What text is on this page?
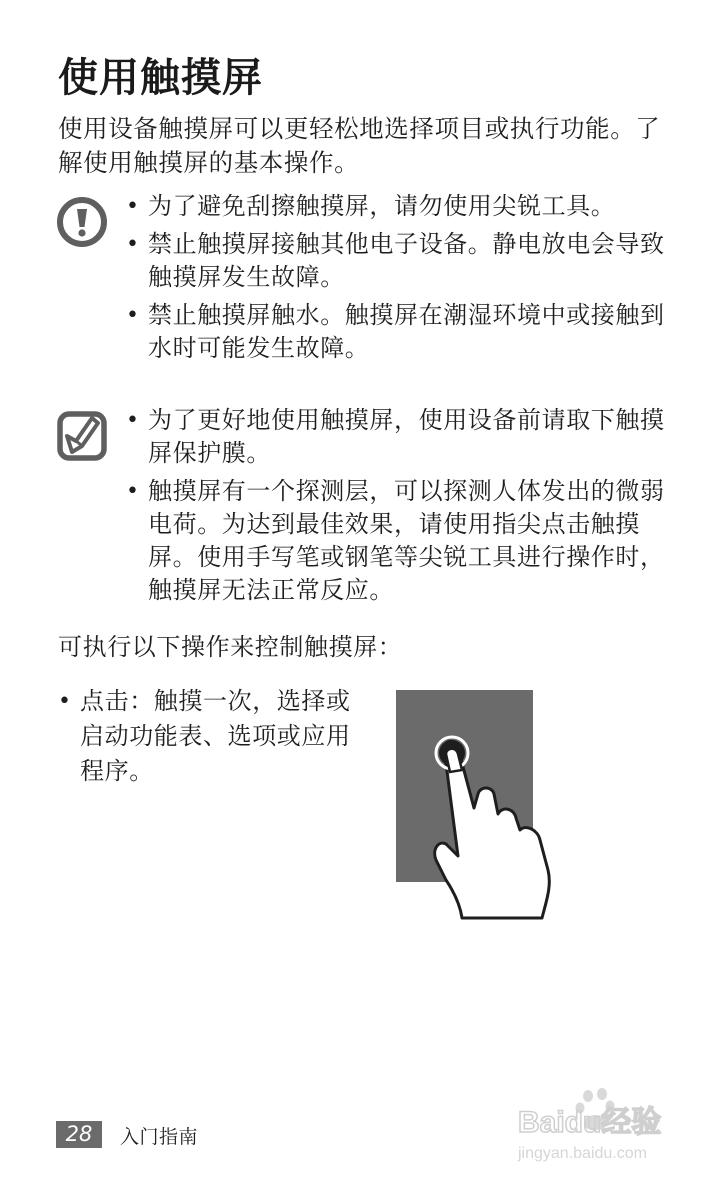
使用触摸屏
使用设备触摸屏可以更轻松地选择项目或执行功能。了解使用触摸屏的基本操作。
• 为了避免刮擦触摸屏，请勿使用尖锐工具。
• 禁止触摸屏接触其他电子设备。静电放电会导致触摸屏发生故障。
• 禁止触摸屏触水。触摸屏在潮湿环境中或接触到水时可能发生故障。
• 为了更好地使用触摸屏，使用设备前请取下触摸屏保护膜。
• 触摸屏有一个探测层，可以探测人体发出的微弱电荷。为达到最佳效果，请使用指尖点击触摸屏。使用手写笔或钢笔等尖锐工具进行操作时，触摸屏无法正常反应。
可执行以下操作来控制触摸屏：
• 点击：触摸一次，选择或启动功能表、选项或应用程序。
28	入门指南	Baidu经验
jingyan.baidu.com
